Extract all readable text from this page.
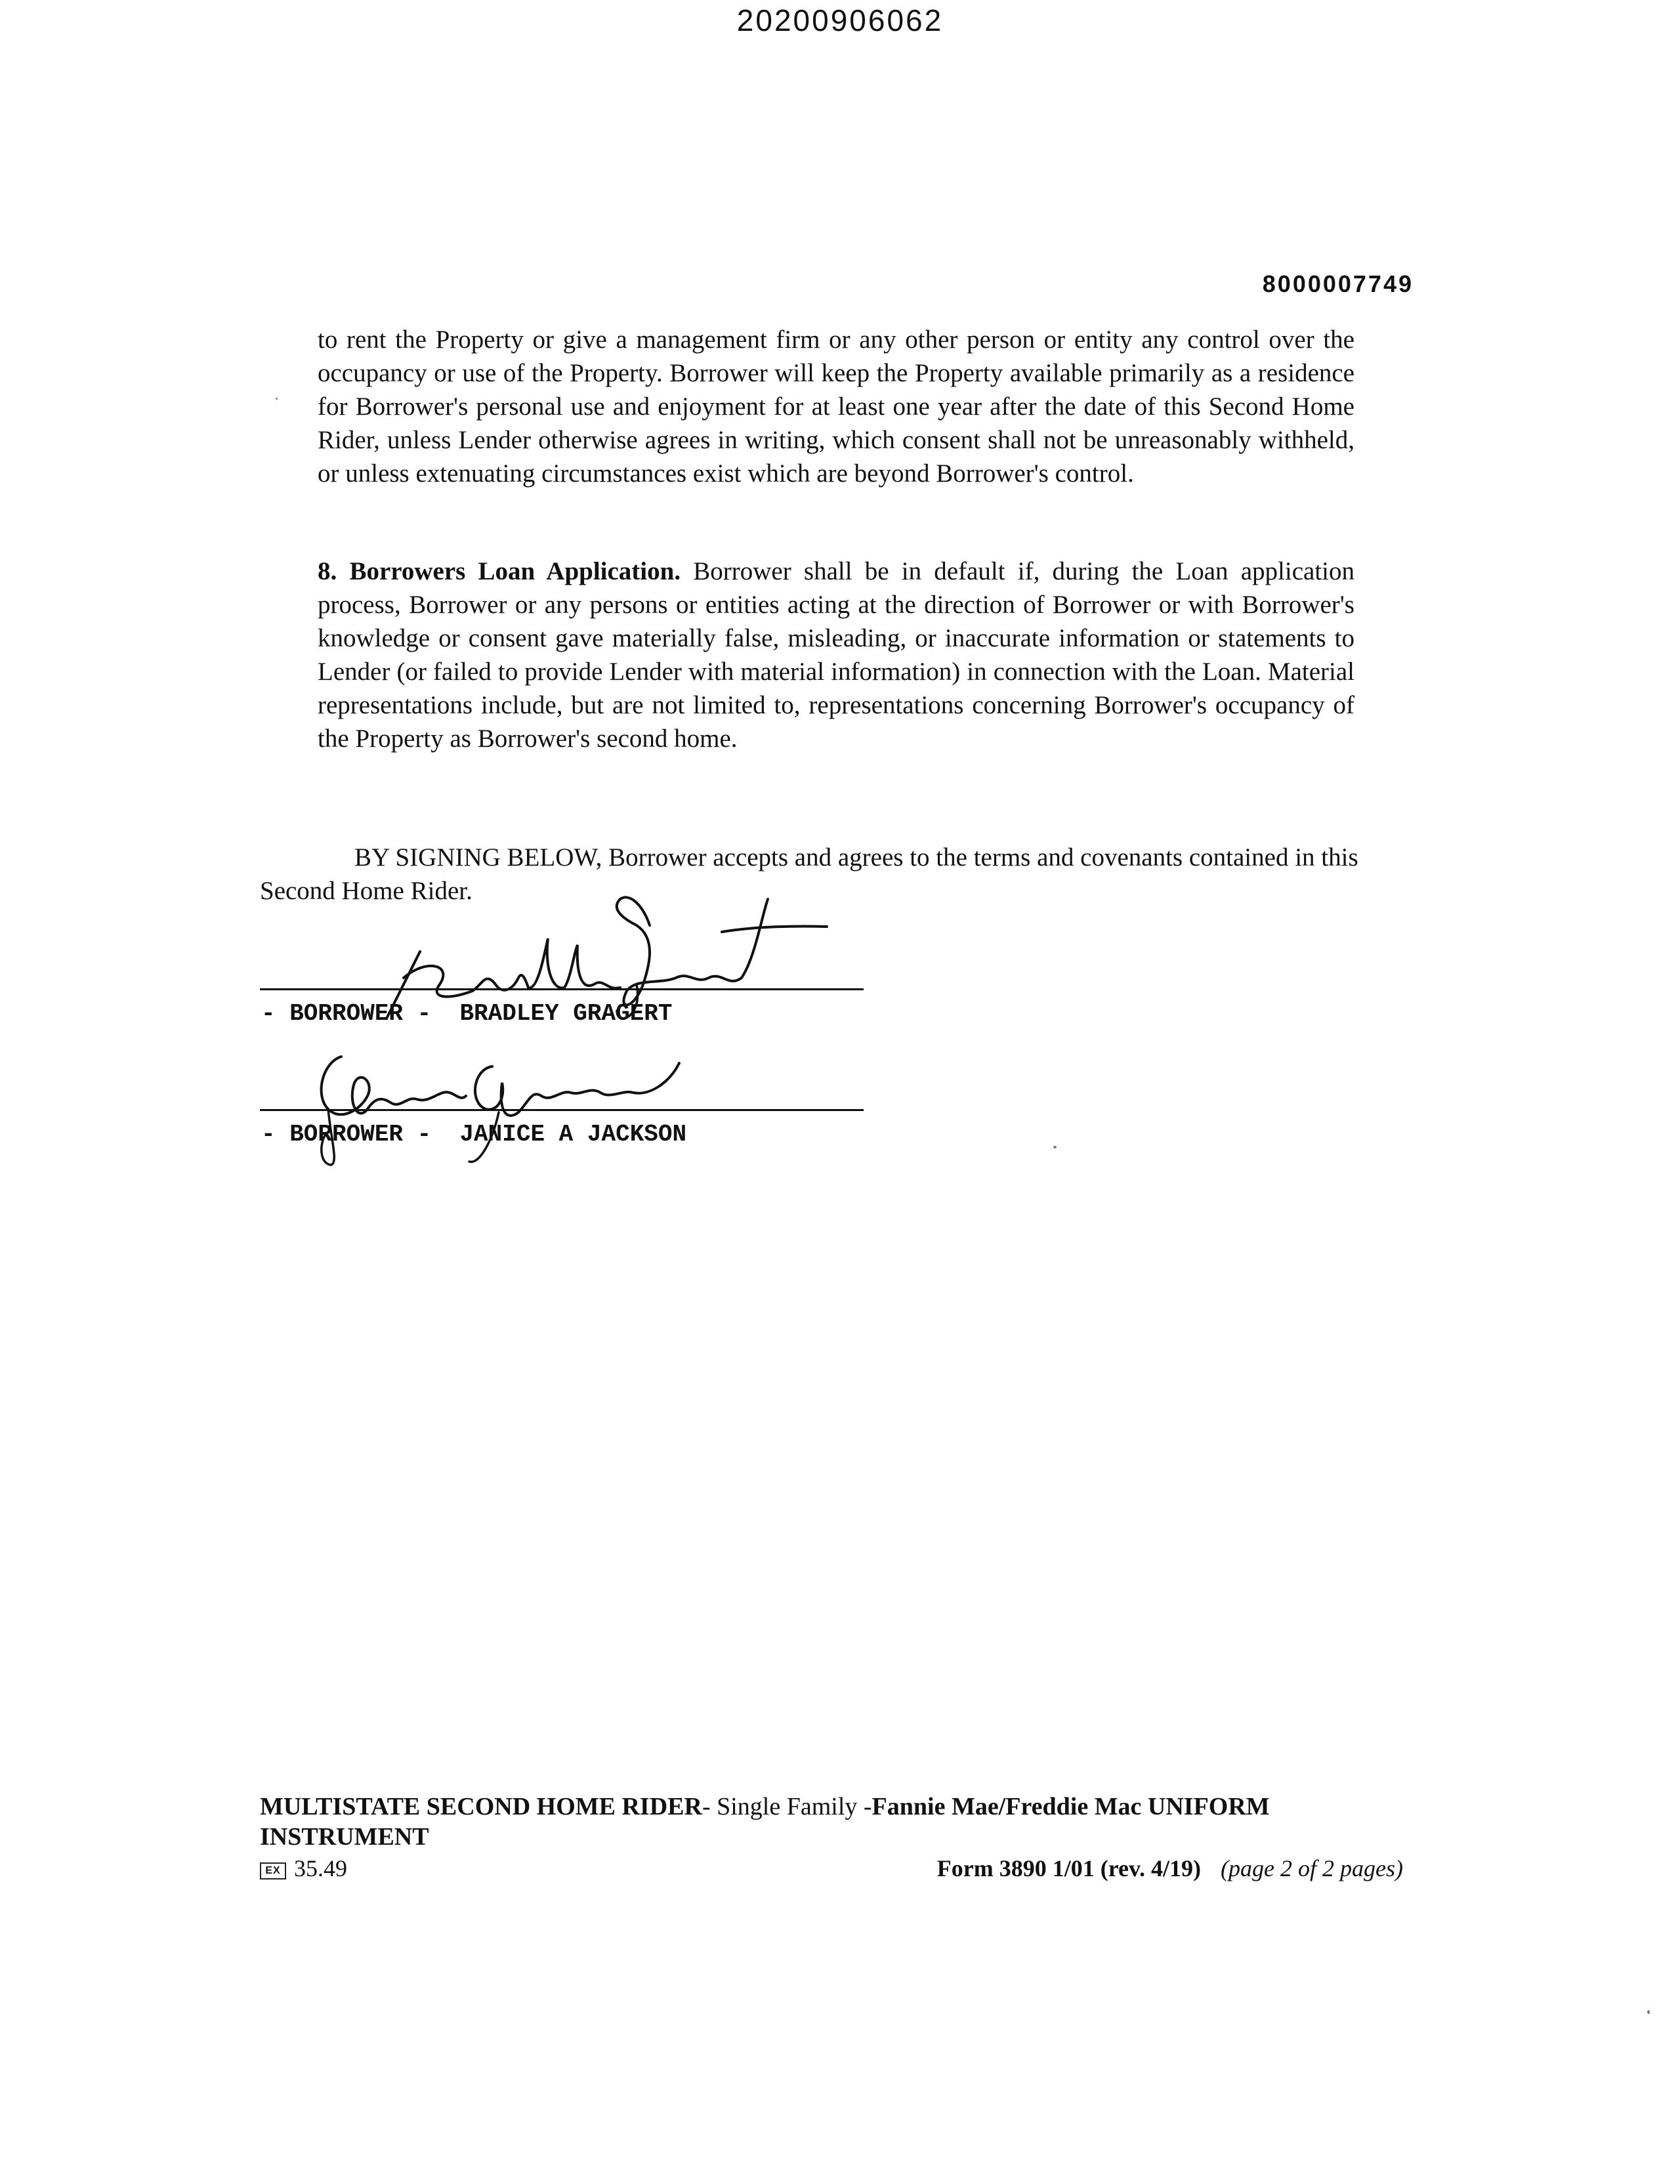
20200906062
8000007749

to rent the Property or give a management firm or any other person or entity any control over the occupancy or use of the Property. Borrower will keep the Property available primarily as a residence for Borrower's personal use and enjoyment for at least one year after the date of this Second Home Rider, unless Lender otherwise agrees in writing, which consent shall not be unreasonably withheld, or unless extenuating circumstances exist which are beyond Borrower's control.

8. Borrowers Loan Application. Borrower shall be in default if, during the Loan application process, Borrower or any persons or entities acting at the direction of Borrower or with Borrower's knowledge or consent gave materially false, misleading, or inaccurate information or statements to Lender (or failed to provide Lender with material information) in connection with the Loan. Material representations include, but are not limited to, representations concerning Borrower's occupancy of the Property as Borrower's second home.

BY SIGNING BELOW, Borrower accepts and agrees to the terms and covenants contained in this Second Home Rider.

- BORROWER -  BRADLEY GRAGERT
- BORROWER -  JANICE A JACKSON
MULTISTATE SECOND HOME RIDER- Single Family -Fannie Mae/Freddie Mac UNIFORM INSTRUMENT
EX 35.49	Form 3890 1/01 (rev. 4/19) (page 2 of 2 pages)
